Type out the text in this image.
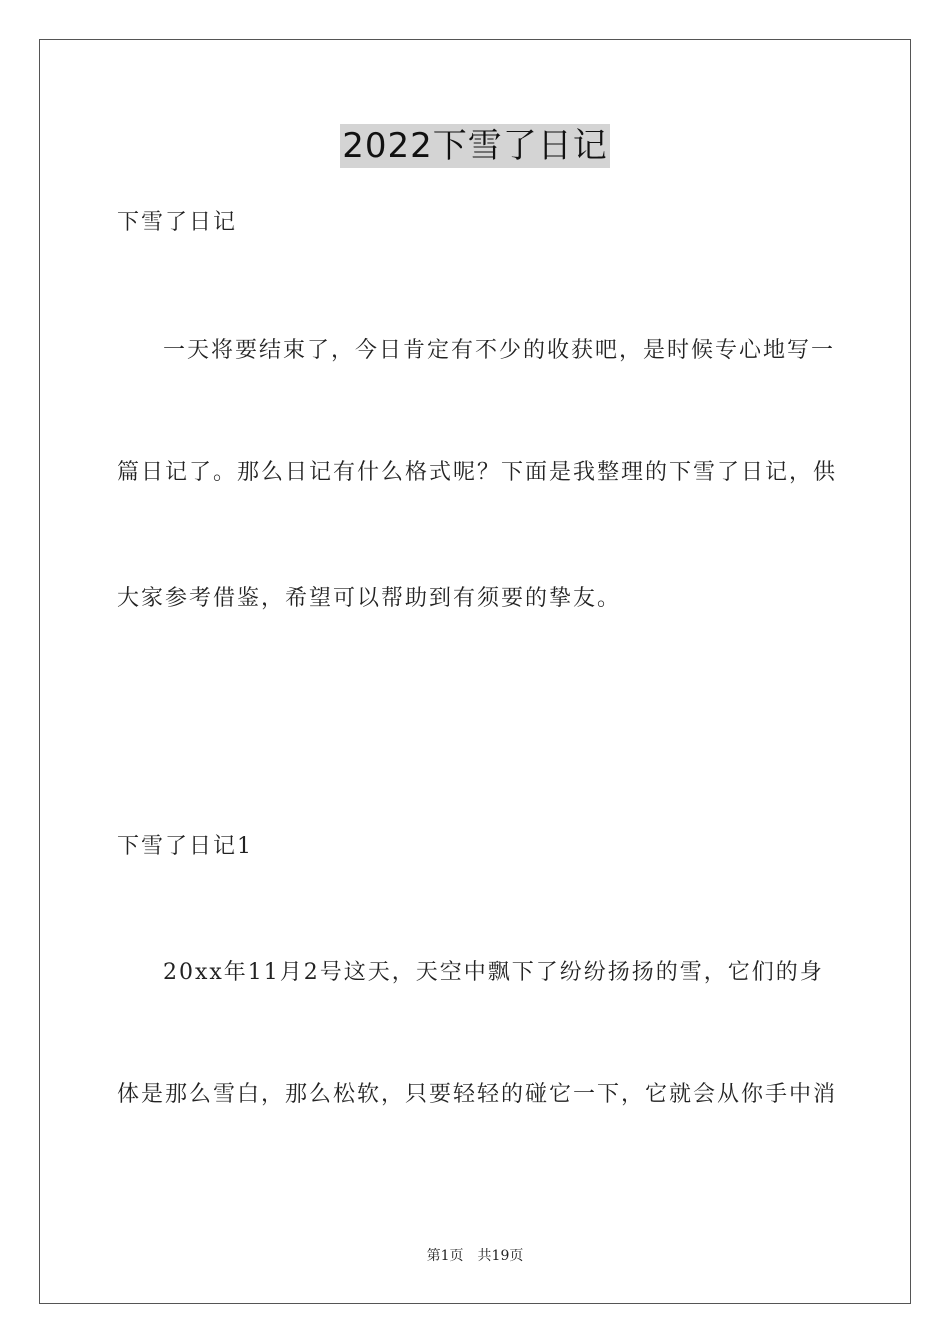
2022下雪了日记
下雪了日记
一天将要结束了，今日肯定有不少的收获吧，是时候专心地写一
篇日记了。那么日记有什么格式呢？下面是我整理的下雪了日记，供
大家参考借鉴，希望可以帮助到有须要的挚友。
下雪了日记1
20xx年11月2号这天，天空中飘下了纷纷扬扬的雪，它们的身
体是那么雪白，那么松软，只要轻轻的碰它一下，它就会从你手中消
第1页 共19页
